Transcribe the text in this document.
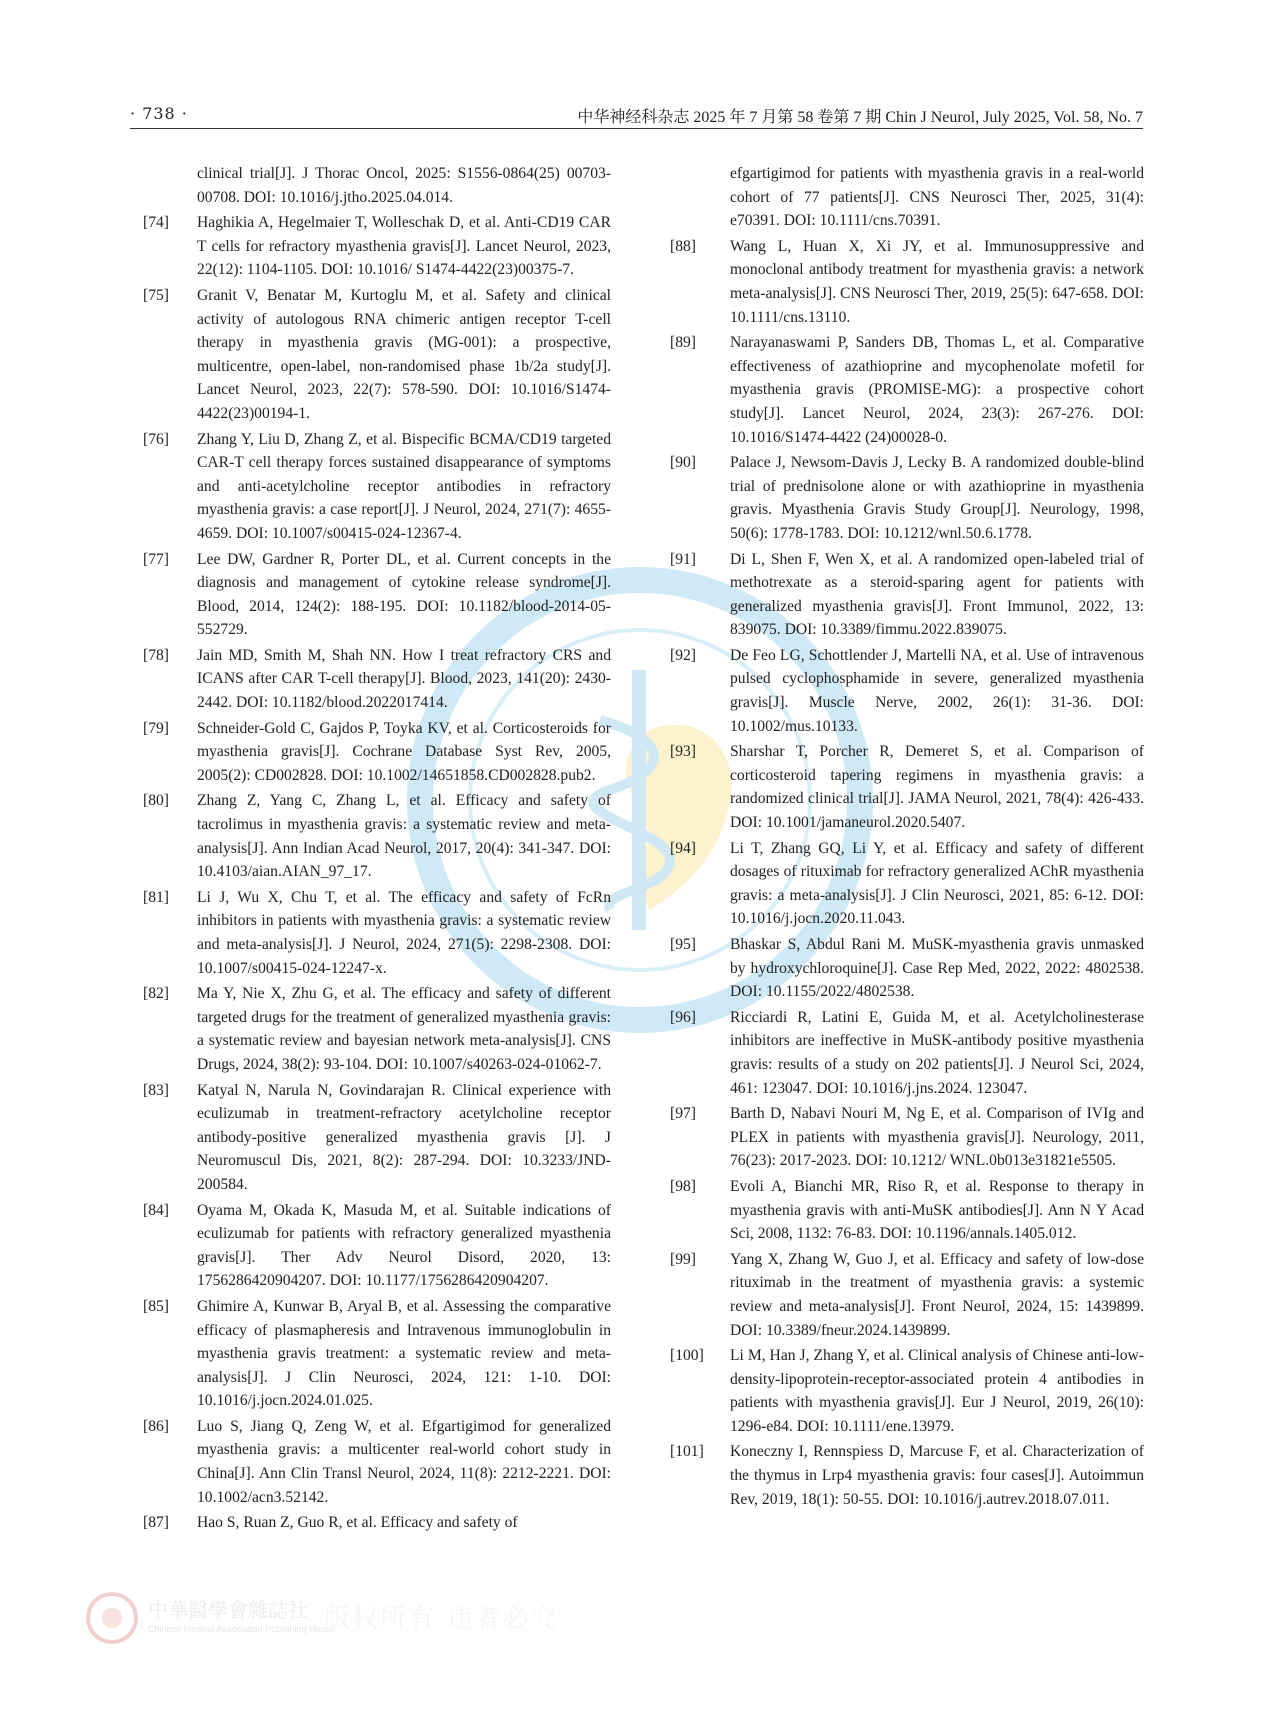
· 738 ·	中华神经科杂志 2025 年 7 月第 58 卷第 7 期 Chin J Neurol, July 2025, Vol. 58, No. 7
中華醫學會雜誌社
Chinese Medical Association Publishing House
版权所有 违者必究

clinical trial[J]. J Thorac Oncol, 2025: S1556-0864(25) 00703-00708. DOI: 10.1016/j.jtho.2025.04.014.

[74]	Haghikia A, Hegelmaier T, Wolleschak D, et al. Anti-CD19 CAR T cells for refractory myasthenia gravis[J]. Lancet Neurol, 2023, 22(12): 1104-1105. DOI: 10.1016/ S1474-4422(23)00375-7.

[75]	Granit V, Benatar M, Kurtoglu M, et al. Safety and clinical activity of autologous RNA chimeric antigen receptor T-cell therapy in myasthenia gravis (MG-001): a prospective, multicentre, open-label, non-randomised phase 1b/2a study[J]. Lancet Neurol, 2023, 22(7): 578-590. DOI: 10.1016/S1474-4422(23)00194-1.

[76]	Zhang Y, Liu D, Zhang Z, et al. Bispecific BCMA/CD19 targeted CAR-T cell therapy forces sustained disappearance of symptoms and anti-acetylcholine receptor antibodies in refractory myasthenia gravis: a case report[J]. J Neurol, 2024, 271(7): 4655-4659. DOI: 10.1007/s00415-024-12367-4.

[77]	Lee DW, Gardner R, Porter DL, et al. Current concepts in the diagnosis and management of cytokine release syndrome[J]. Blood, 2014, 124(2): 188-195. DOI: 10.1182/blood-2014-05-552729.

[78]	Jain MD, Smith M, Shah NN. How I treat refractory CRS and ICANS after CAR T-cell therapy[J]. Blood, 2023, 141(20): 2430-2442. DOI: 10.1182/blood.2022017414.

[79]	Schneider-Gold C, Gajdos P, Toyka KV, et al. Corticosteroids for myasthenia gravis[J]. Cochrane Database Syst Rev, 2005, 2005(2): CD002828. DOI: 10.1002/14651858.CD002828.pub2.

[80]	Zhang Z, Yang C, Zhang L, et al. Efficacy and safety of tacrolimus in myasthenia gravis: a systematic review and meta-analysis[J]. Ann Indian Acad Neurol, 2017, 20(4): 341-347. DOI: 10.4103/aian.AIAN_97_17.

[81]	Li J, Wu X, Chu T, et al. The efficacy and safety of FcRn inhibitors in patients with myasthenia gravis: a systematic review and meta-analysis[J]. J Neurol, 2024, 271(5): 2298-2308. DOI: 10.1007/s00415-024-12247-x.

[82]	Ma Y, Nie X, Zhu G, et al. The efficacy and safety of different targeted drugs for the treatment of generalized myasthenia gravis: a systematic review and bayesian network meta-analysis[J]. CNS Drugs, 2024, 38(2): 93-104. DOI: 10.1007/s40263-024-01062-7.

[83]	Katyal N, Narula N, Govindarajan R. Clinical experience with eculizumab in treatment-refractory acetylcholine receptor antibody-positive generalized myasthenia gravis [J]. J Neuromuscul Dis, 2021, 8(2): 287-294. DOI: 10.3233/JND-200584.

[84]	Oyama M, Okada K, Masuda M, et al. Suitable indications of eculizumab for patients with refractory generalized myasthenia gravis[J]. Ther Adv Neurol Disord, 2020, 13: 1756286420904207. DOI: 10.1177/1756286420904207.

[85]	Ghimire A, Kunwar B, Aryal B, et al. Assessing the comparative efficacy of plasmapheresis and Intravenous immunoglobulin in myasthenia gravis treatment: a systematic review and meta-analysis[J]. J Clin Neurosci, 2024, 121: 1-10. DOI: 10.1016/j.jocn.2024.01.025.

[86]	Luo S, Jiang Q, Zeng W, et al. Efgartigimod for generalized myasthenia gravis: a multicenter real-world cohort study in China[J]. Ann Clin Transl Neurol, 2024, 11(8): 2212-2221. DOI: 10.1002/acn3.52142.

[87]	Hao S, Ruan Z, Guo R, et al. Efficacy and safety of

efgartigimod for patients with myasthenia gravis in a real-world cohort of 77 patients[J]. CNS Neurosci Ther, 2025, 31(4): e70391. DOI: 10.1111/cns.70391.

[88]	Wang L, Huan X, Xi JY, et al. Immunosuppressive and monoclonal antibody treatment for myasthenia gravis: a network meta-analysis[J]. CNS Neurosci Ther, 2019, 25(5): 647-658. DOI: 10.1111/cns.13110.

[89]	Narayanaswami P, Sanders DB, Thomas L, et al. Comparative effectiveness of azathioprine and mycophenolate mofetil for myasthenia gravis (PROMISE-MG): a prospective cohort study[J]. Lancet Neurol, 2024, 23(3): 267-276. DOI: 10.1016/S1474-4422 (24)00028-0.

[90]	Palace J, Newsom-Davis J, Lecky B. A randomized double-blind trial of prednisolone alone or with azathioprine in myasthenia gravis. Myasthenia Gravis Study Group[J]. Neurology, 1998, 50(6): 1778-1783. DOI: 10.1212/wnl.50.6.1778.

[91]	Di L, Shen F, Wen X, et al. A randomized open-labeled trial of methotrexate as a steroid-sparing agent for patients with generalized myasthenia gravis[J]. Front Immunol, 2022, 13: 839075. DOI: 10.3389/fimmu.2022.839075.

[92]	De Feo LG, Schottlender J, Martelli NA, et al. Use of intravenous pulsed cyclophosphamide in severe, generalized myasthenia gravis[J]. Muscle Nerve, 2002, 26(1): 31-36. DOI: 10.1002/mus.10133.

[93]	Sharshar T, Porcher R, Demeret S, et al. Comparison of corticosteroid tapering regimens in myasthenia gravis: a randomized clinical trial[J]. JAMA Neurol, 2021, 78(4): 426-433. DOI: 10.1001/jamaneurol.2020.5407.

[94]	Li T, Zhang GQ, Li Y, et al. Efficacy and safety of different dosages of rituximab for refractory generalized AChR myasthenia gravis: a meta-analysis[J]. J Clin Neurosci, 2021, 85: 6-12. DOI: 10.1016/j.jocn.2020.11.043.

[95]	Bhaskar S, Abdul Rani M. MuSK-myasthenia gravis unmasked by hydroxychloroquine[J]. Case Rep Med, 2022, 2022: 4802538. DOI: 10.1155/2022/4802538.

[96]	Ricciardi R, Latini E, Guida M, et al. Acetylcholinesterase inhibitors are ineffective in MuSK-antibody positive myasthenia gravis: results of a study on 202 patients[J]. J Neurol Sci, 2024, 461: 123047. DOI: 10.1016/j.jns.2024. 123047.

[97]	Barth D, Nabavi Nouri M, Ng E, et al. Comparison of IVIg and PLEX in patients with myasthenia gravis[J]. Neurology, 2011, 76(23): 2017-2023. DOI: 10.1212/ WNL.0b013e31821e5505.

[98]	Evoli A, Bianchi MR, Riso R, et al. Response to therapy in myasthenia gravis with anti-MuSK antibodies[J]. Ann N Y Acad Sci, 2008, 1132: 76-83. DOI: 10.1196/annals.1405.012.

[99]	Yang X, Zhang W, Guo J, et al. Efficacy and safety of low-dose rituximab in the treatment of myasthenia gravis: a systemic review and meta-analysis[J]. Front Neurol, 2024, 15: 1439899. DOI: 10.3389/fneur.2024.1439899.

[100]	Li M, Han J, Zhang Y, et al. Clinical analysis of Chinese anti-low-density-lipoprotein-receptor-associated protein 4 antibodies in patients with myasthenia gravis[J]. Eur J Neurol, 2019, 26(10): 1296-e84. DOI: 10.1111/ene.13979.

[101]	Koneczny I, Rennspiess D, Marcuse F, et al. Characterization of the thymus in Lrp4 myasthenia gravis: four cases[J]. Autoimmun Rev, 2019, 18(1): 50-55. DOI: 10.1016/j.autrev.2018.07.011.
